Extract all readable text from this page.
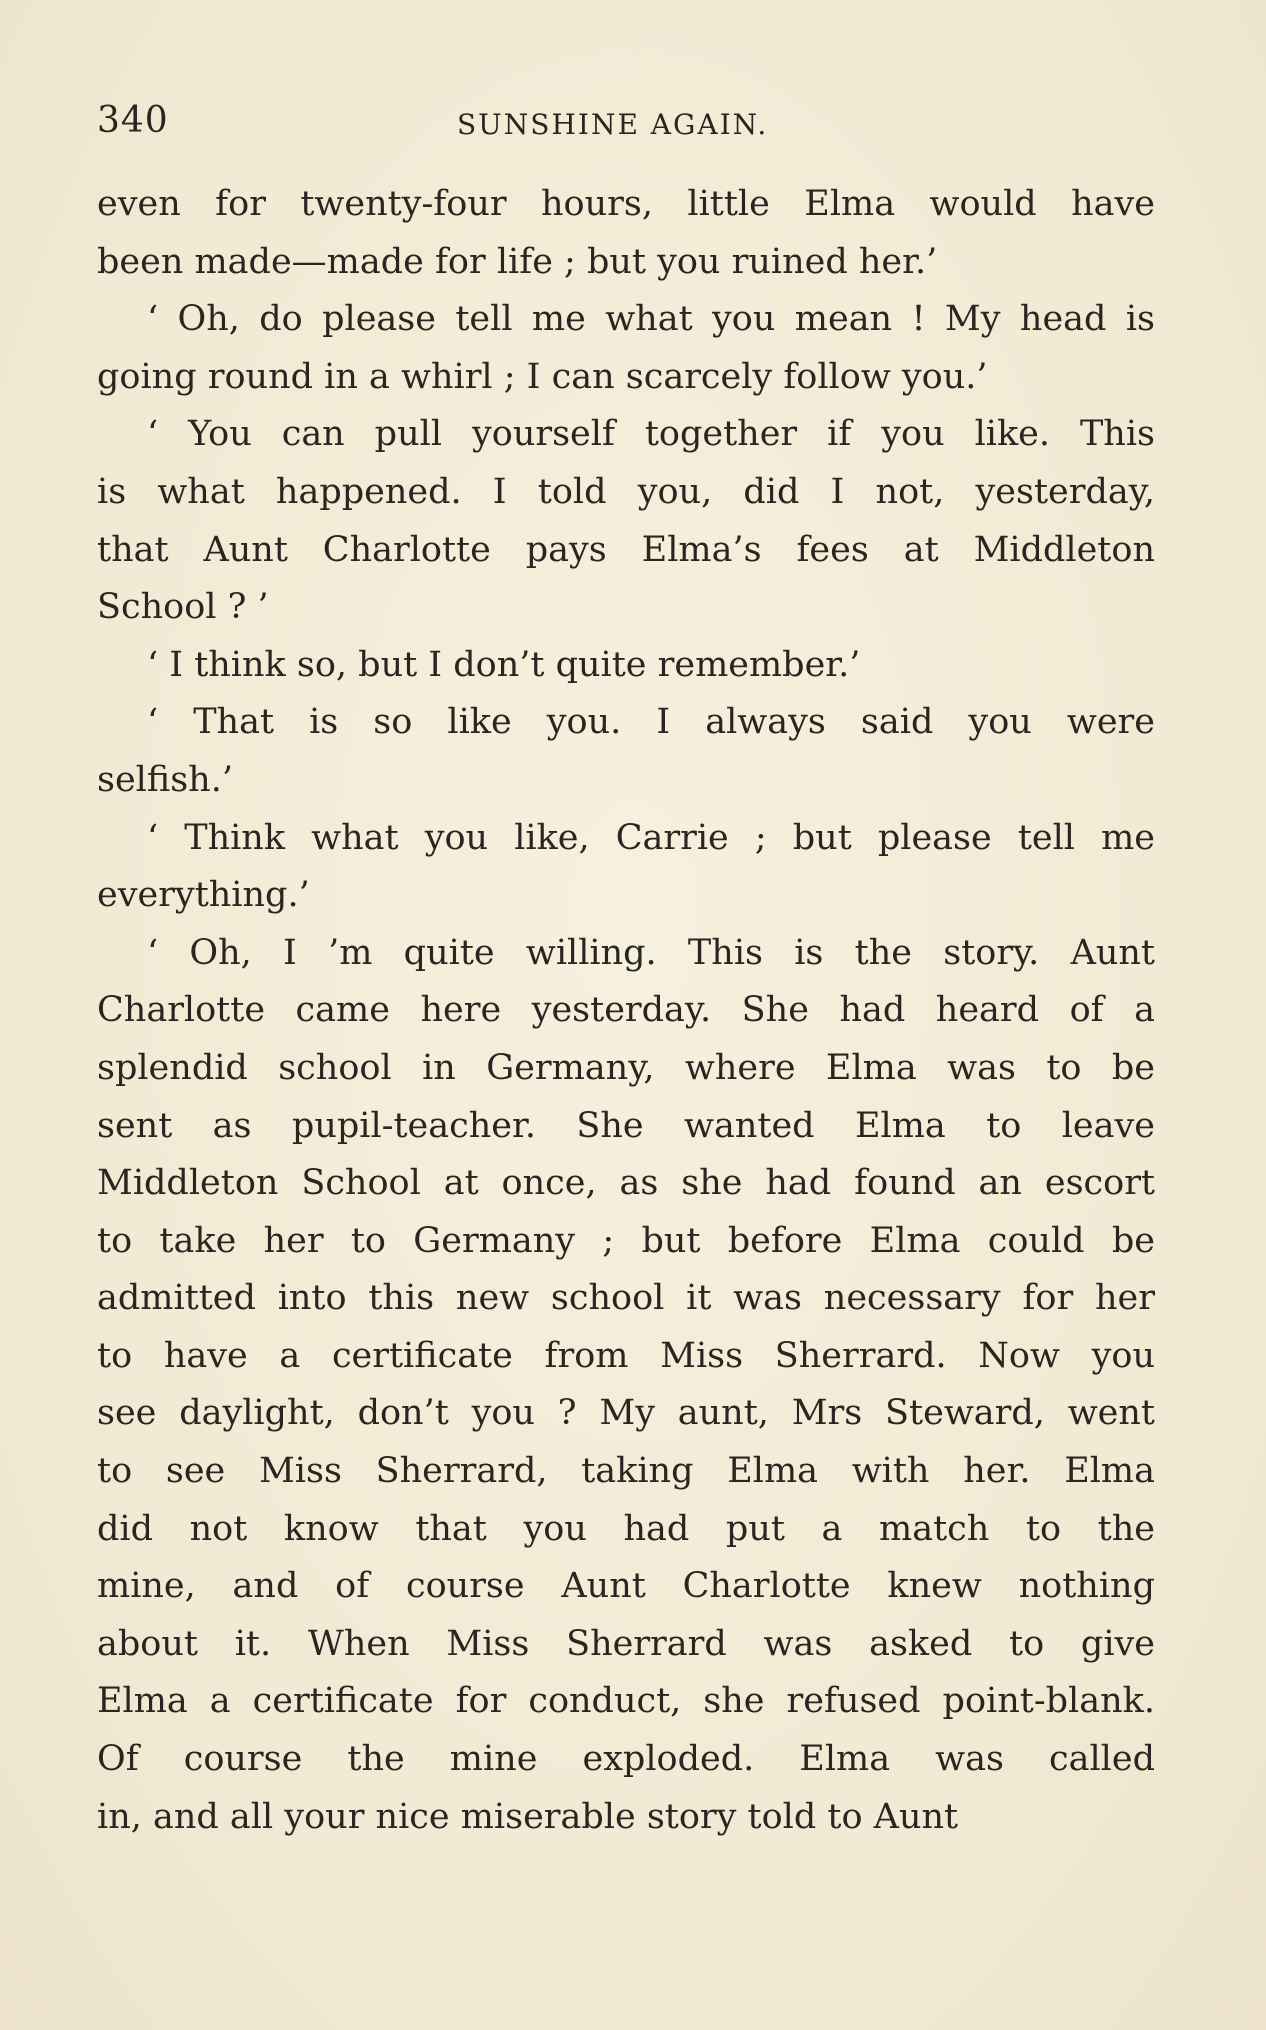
340	SUNSHINE AGAIN.
even for twenty-four hours, little Elma would have
been made—made for life ; but you ruined her.’
‘ Oh, do please tell me what you mean ! My head is
going round in a whirl ; I can scarcely follow you.’
‘ You can pull yourself together if you like. This
is what happened. I told you, did I not, yesterday,
that Aunt Charlotte pays Elma’s fees at Middleton
School ? ’
‘ I think so, but I don’t quite remember.’
‘ That is so like you. I always said you were
selfish.’
‘ Think what you like, Carrie ; but please tell me
everything.’
‘ Oh, I ’m quite willing. This is the story. Aunt
Charlotte came here yesterday. She had heard of a
splendid school in Germany, where Elma was to be
sent as pupil-teacher. She wanted Elma to leave
Middleton School at once, as she had found an escort
to take her to Germany ; but before Elma could be
admitted into this new school it was necessary for her
to have a certificate from Miss Sherrard. Now you
see daylight, don’t you ? My aunt, Mrs Steward, went
to see Miss Sherrard, taking Elma with her. Elma
did not know that you had put a match to the
mine, and of course Aunt Charlotte knew nothing
about it. When Miss Sherrard was asked to give
Elma a certificate for conduct, she refused point-blank.
Of course the mine exploded. Elma was called
in, and all your nice miserable story told to Aunt
